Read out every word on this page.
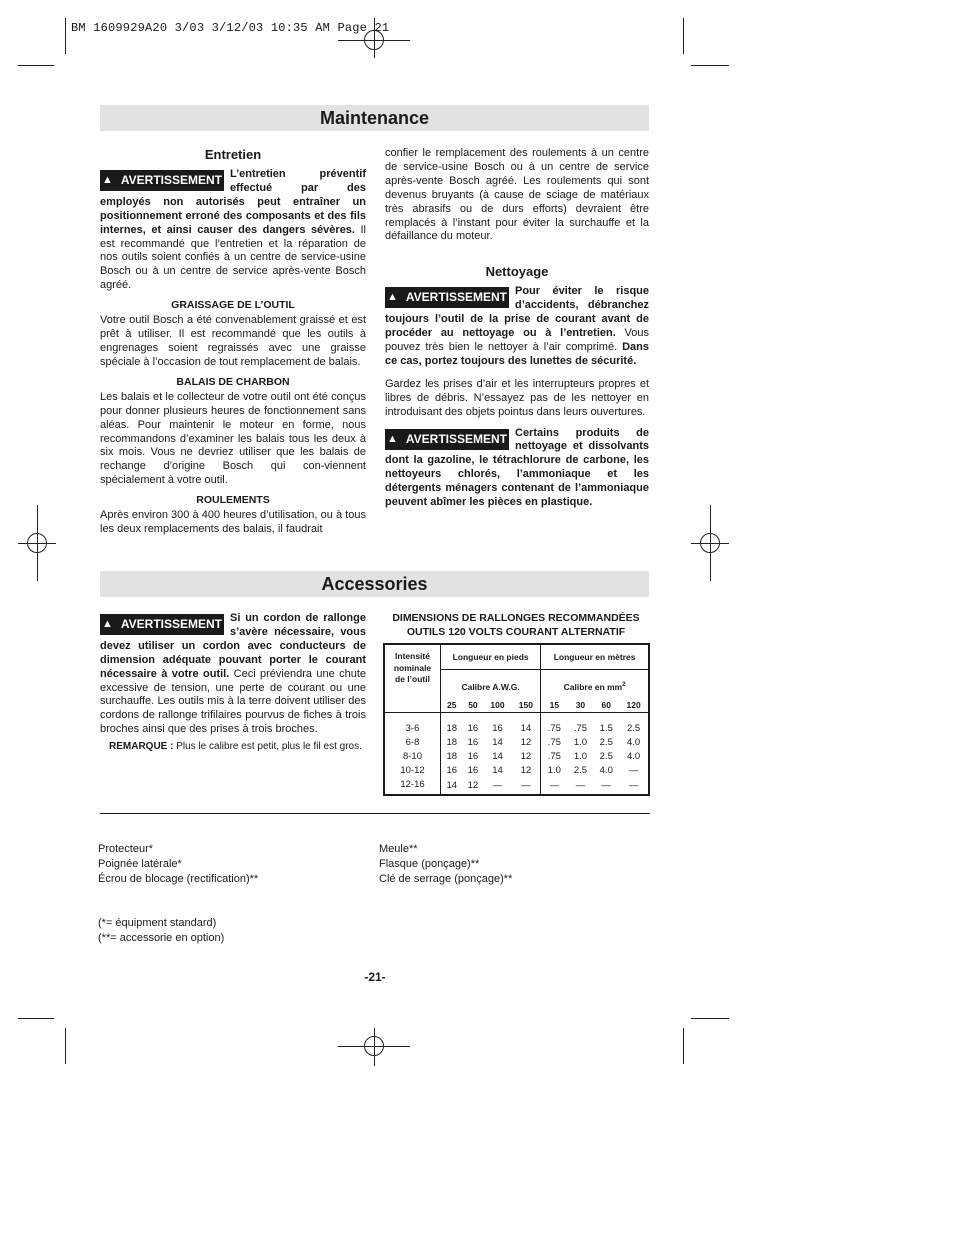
BM 1609929A20 3/03 3/12/03 10:35 AM Page 21
Maintenance
Entretien

▲ AVERTISSEMENT L’entretien préventif effectué par des employés non autorisés peut entraîner un positionnement erroné des composants et des fils internes, et ainsi causer des dangers sévères. Il est recommandé que l’entretien et la réparation de nos outils soient confiés à un centre de service-usine Bosch ou à un centre de service après-vente Bosch agréé.

GRAISSAGE DE L’OUTIL

Votre outil Bosch a été convenablement graissé et est prêt à utiliser. Il est recommandé que les outils à engrenages soient regraissés avec une graisse spéciale à l’occasion de tout remplacement de balais.

BALAIS DE CHARBON

Les balais et le collecteur de votre outil ont été conçus pour donner plusieurs heures de fonctionnement sans aléas. Pour maintenir le moteur en forme, nous recommandons d’examiner les balais tous les deux à six mois. Vous ne devriez utiliser que les balais de rechange d’origine Bosch qui con-viennent spécialement à votre outil.

ROULEMENTS

Après environ 300 à 400 heures d’utilisation, ou à tous les deux remplacements des balais, il faudrait

confier le remplacement des roulements à un centre de service-usine Bosch ou à un centre de service après-vente Bosch agréé. Les roulements qui sont devenus bruyants (à cause de sciage de matériaux très abrasifs ou de durs efforts) devraient être remplacés à l’instant pour éviter la surchauffe et la défaillance du moteur.

Nettoyage

▲ AVERTISSEMENT Pour éviter le risque d’accidents, débranchez toujours l’outil de la prise de courant avant de procéder au nettoyage ou à l’entretien. Vous pouvez très bien le nettoyer à l’air comprimé. Dans ce cas, portez toujours des lunettes de sécurité.

Gardez les prises d’air et les interrupteurs propres et libres de débris. N’essayez pas de les nettoyer en introduisant des objets pointus dans leurs ouvertures.

▲ AVERTISSEMENT Certains produits de nettoyage et dissolvants dont la gazoline, le tétrachlorure de carbone, les nettoyeurs chlorés, l’ammoniaque et les détergents ménagers contenant de l’ammoniaque peuvent abîmer les pièces en plastique.

Accessories

▲ AVERTISSEMENT Si un cordon de rallonge s’avère nécessaire, vous devez utiliser un cordon avec conducteurs de dimension adéquate pouvant porter le courant nécessaire à votre outil. Ceci préviendra une chute excessive de tension, une perte de courant ou une surchauffe. Les outils mis à la terre doivent utiliser des cordons de rallonge trifilaires pourvus de fiches à trois broches ainsi que des prises à trois broches.

REMARQUE : Plus le calibre est petit, plus le fil est gros.

DIMENSIONS DE RALLONGES RECOMMANDÉES
OUTILS 120 VOLTS COURANT ALTERNATIF
Intensité
nominale
de l’outil	Longueur en pieds				Longueur en mètres			
	Calibre A.W.G.				Calibre en $mm^2$
	25	50	100	150	15	30	60	120

3-6	18	16	16	14	.75	.75	1.5	2.5
6-8	18	16	14	12	.75	1.0	2.5	4.0
8-10	18	16	14	12	.75	1.0	2.5	4.0
10-12	16	16	14	12	1.0	2.5	4.0	—
12-16	14	12	—	—	—	—	—	—
Protecteur*
Poignée latérale*
Écrou de blocage (rectification)**
Meule**
Flasque (ponçage)**
Clé de serrage (ponçage)**
(*= équipment standard)
(**= accessorie en option)
-21-
